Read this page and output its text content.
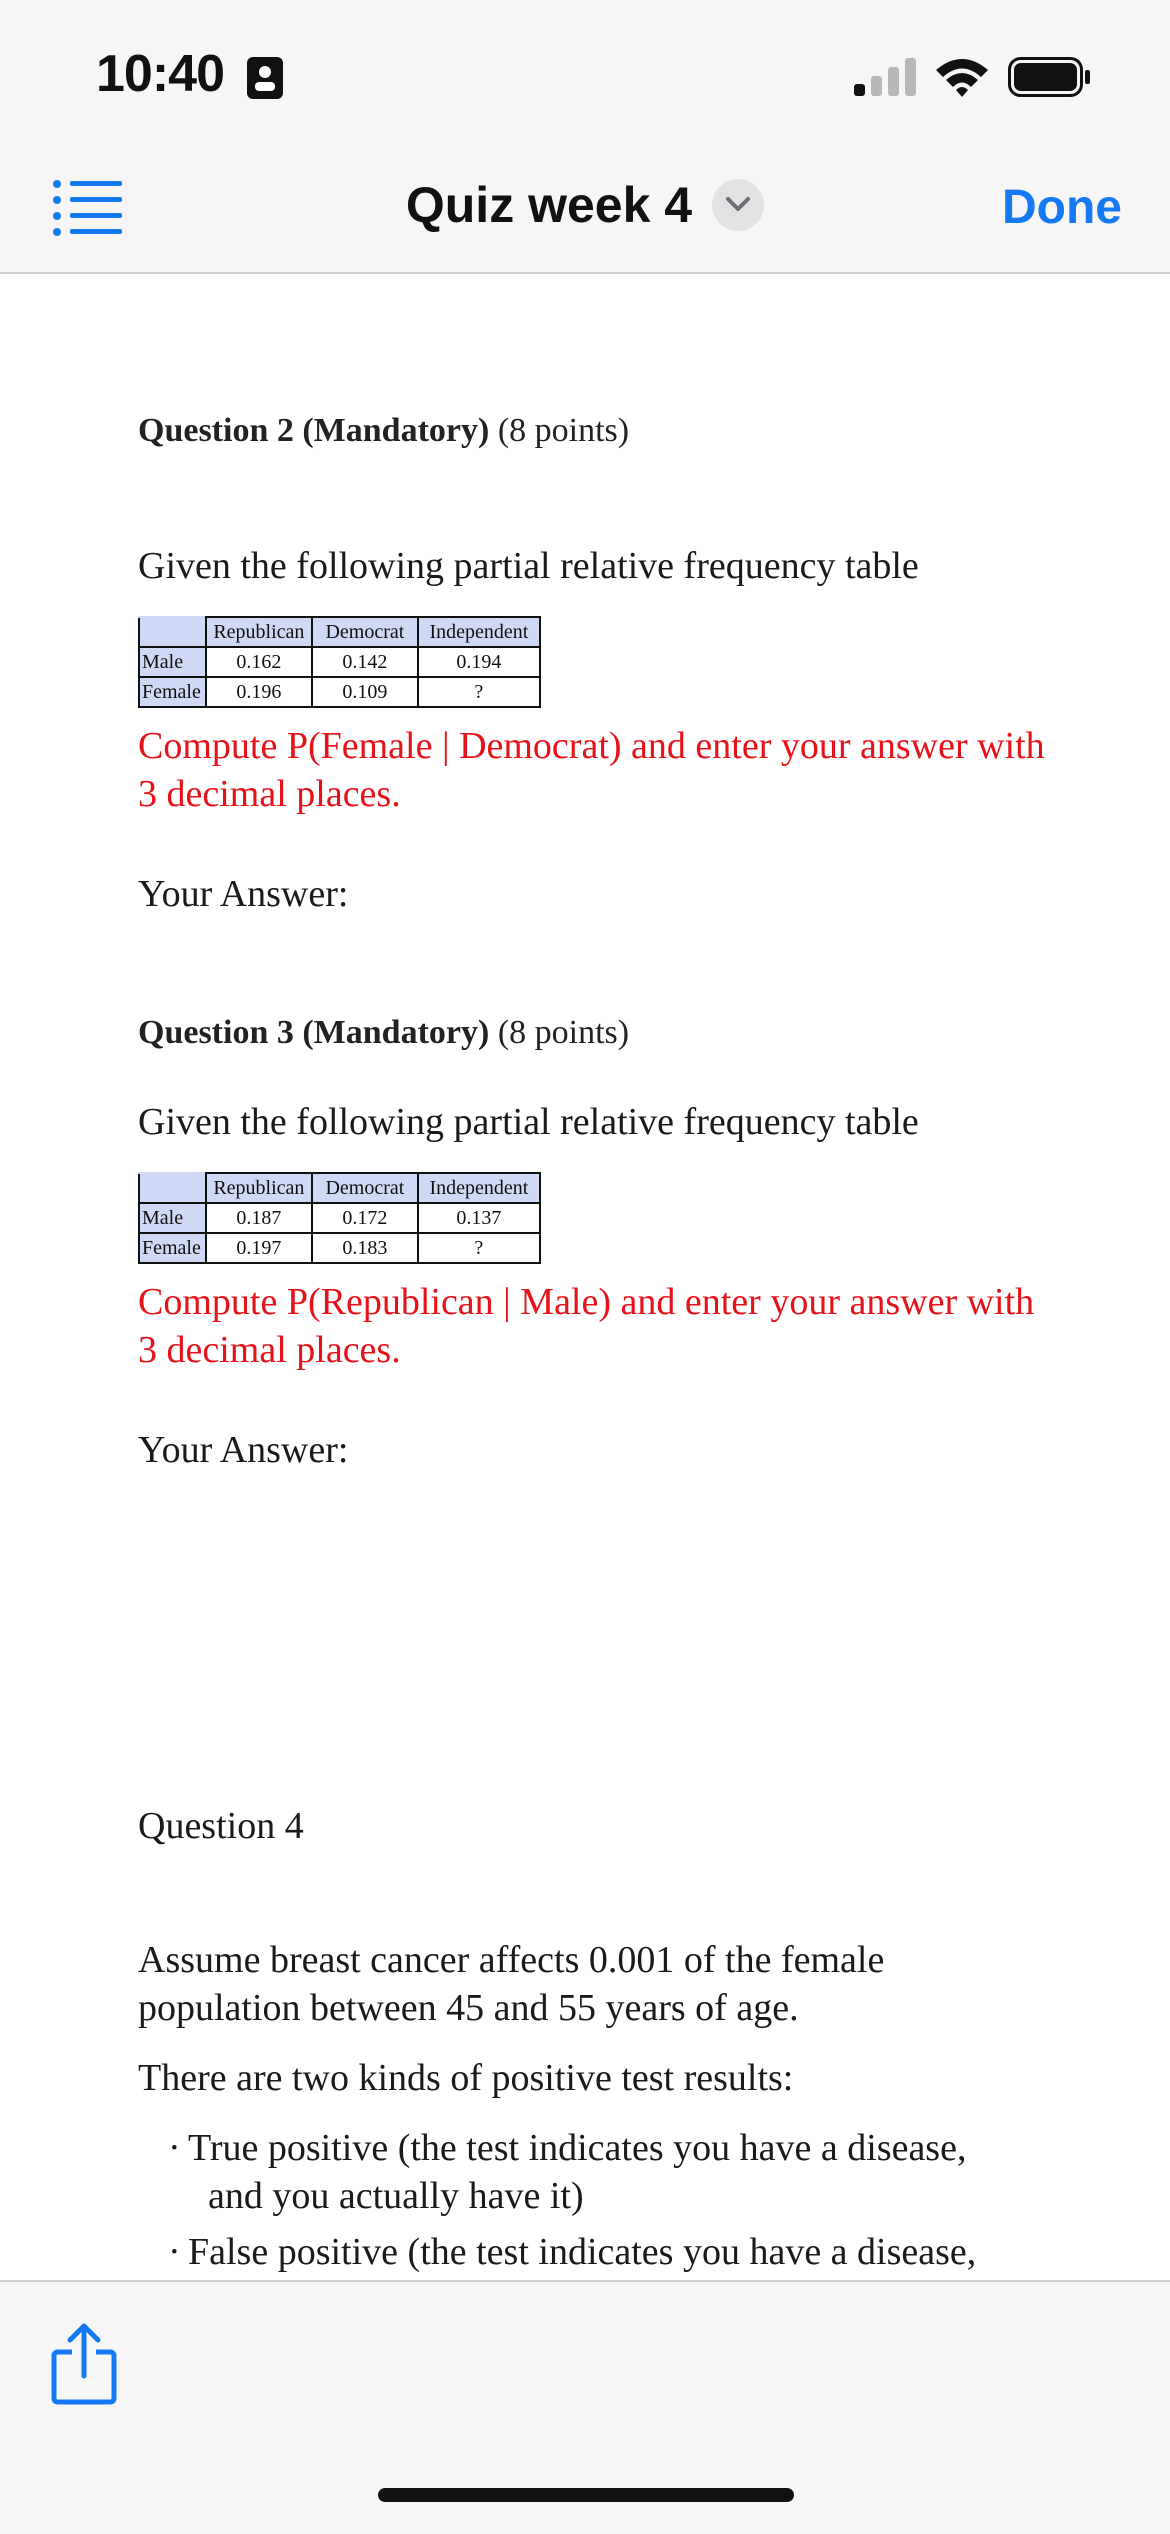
10:40
Quiz week 4	Done
Question 2 (Mandatory) (8 points)
Given the following partial relative frequency table
	Republican	Democrat	Independent
Male	0.162	0.142	0.194
Female	0.196	0.109	?
Compute P(Female | Democrat) and enter your answer with 3 decimal places.
Your Answer:
Question 3 (Mandatory) (8 points)
Given the following partial relative frequency table
	Republican	Democrat	Independent
Male	0.187	0.172	0.137
Female	0.197	0.183	?
Compute P(Republican | Male) and enter your answer with 3 decimal places.
Your Answer:
Question 4
Assume breast cancer affects 0.001 of the female population between 45 and 55 years of age.
There are two kinds of positive test results:
· True positive (the test indicates you have a disease,
and you actually have it)
· False positive (the test indicates you have a disease,
